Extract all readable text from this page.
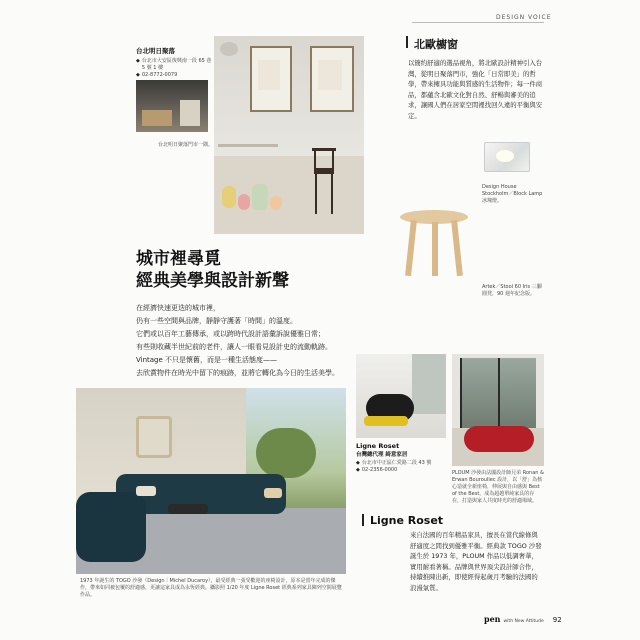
DESIGN VOICE
台北明日聚落
◆ 台北市大安區復興南一段 65 巷 5 號 1 樓
◆ 02-8772-0079
台北明日聚落門市一隅。
北歐櫥窗
以簡約舒適的選品視角，將北歐設計精神引入台灣，從明日聚落門市，強化「日常即美」的哲學，帶來擁具功能與質感的生活物件；每一件商品，都蘊含北歐文化對自然、舒暢與審美的追求，讓國人們在居家空間裡找回久違的平衡與安定。
Design House Stockholm／Block Lamp 冰塊燈。
Artek／Stool 60 Iris 三腳圓凳，90 週年紀念版。
城市裡尋覓
經典美學與設計新聲
在經濟快速更迭的城市裡，
仍有一些空間與品牌，靜靜守護著「時間」的溫度。
它們或以百年工藝傳承，或以跨時代設計語彙訴說優雅日常；
有些則收藏半世紀前的老件，讓人一眼看見設計史的流動軌跡。
Vintage 不只是懷舊，而是一種生活態度——
去欣賞物件在時光中留下的痕跡，並將它轉化為今日的生活美學。
1973 年誕生的 TOGO 沙發（Design｜Michel Ducaroy），最受經典一張受歡迎的座椅設計，原本是當年完成的傑作，帶來如同被包覆的舒適感，更讓這家具成為永恆經典。攝影照 1/20 年度 Ligne Roset 經典系列家具陳列空間展覽作品。
Ligne Roset
台灣總代理 綺意家居
◆ 台北市中正區仁愛路二段 43 號
◆ 02-2356-0000	PLOUM 沙發由法國設計師兄弟 Ronan & Erwan Bouroullec 設計，以「舒」為核心造就全新座椅，伸展與自由感與 Best of the Best，成為超越單純家具的存在，打造與家人共度時光的舒適場域。
Ligne Roset
來自法國的百年精品家具，擅長在當代線條與舒適度之間找到優雅平衡。經典款 TOGO 沙發誕生於 1973 年，PLOUM 作品以低調奢華，實用耐看著稱。品牌與世界頂尖設計師合作，持續推陳出新，即使經得起歲月考驗的法國的浪漫氣質。
pen with New Attitude 92
